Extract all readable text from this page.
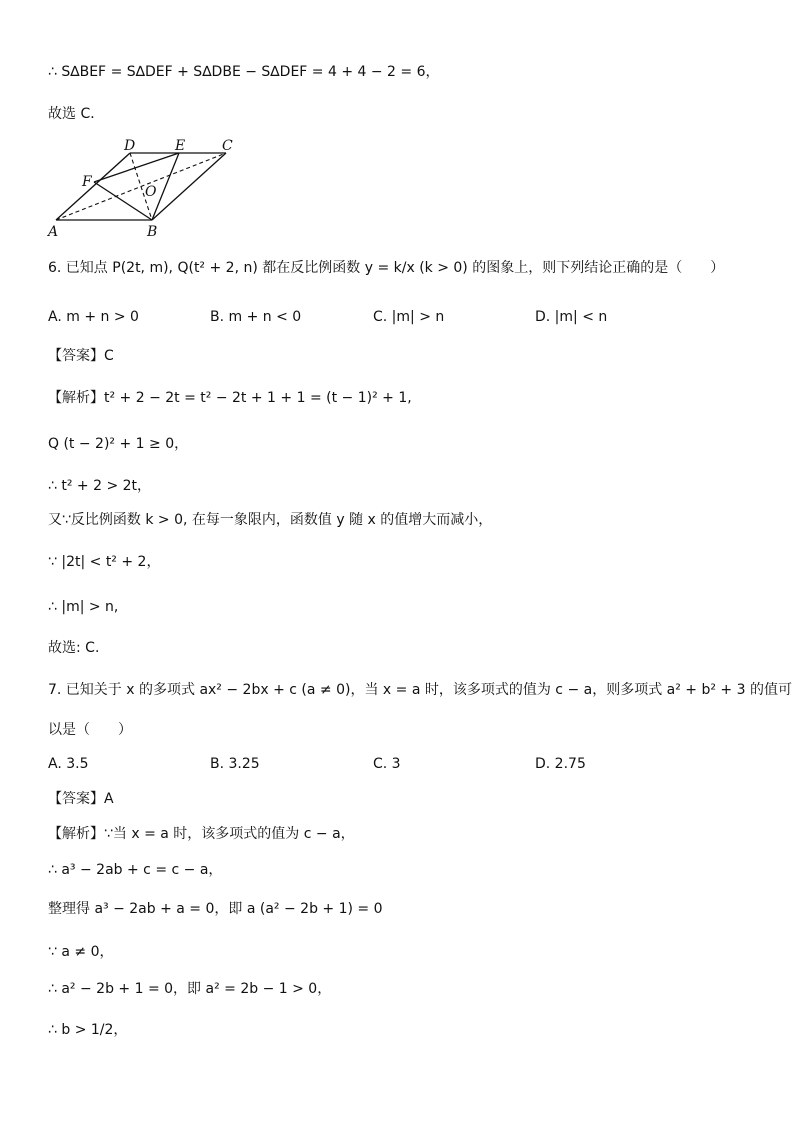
∴ S∆BEF = S∆DEF + S∆DBE − S∆DEF = 4 + 4 − 2 = 6，
故选 C．
A	B
C
D	E
F
O
6. 已知点 P(2t, m), Q(t² + 2, n) 都在反比例函数 y = k/x (k > 0) 的图象上，则下列结论正确的是（　　）
A. m + n > 0	B. m + n < 0	C. |m| > n	D. |m| < n
【答案】C
【解析】t² + 2 − 2t = t² − 2t + 1 + 1 = (t − 1)² + 1,
Q (t − 2)² + 1 ≥ 0，
∴ t² + 2 > 2t，
又∵反比例函数 k > 0, 在每一象限内，函数值 y 随 x 的值增大而减小，
∵ |2t| < t² + 2，
∴ |m| > n,
故选: C.
7. 已知关于 x 的多项式 ax² − 2bx + c (a ≠ 0)，当 x = a 时，该多项式的值为 c − a，则多项式 a² + b² + 3 的值可
以是（　　）
A. 3.5	B. 3.25	C. 3	D. 2.75
【答案】A
【解析】∵当 x = a 时，该多项式的值为 c − a，
∴ a³ − 2ab + c = c − a，
整理得 a³ − 2ab + a = 0，即 a (a² − 2b + 1) = 0
∵ a ≠ 0，
∴ a² − 2b + 1 = 0，即 a² = 2b − 1 > 0，
∴ b > 1/2，
